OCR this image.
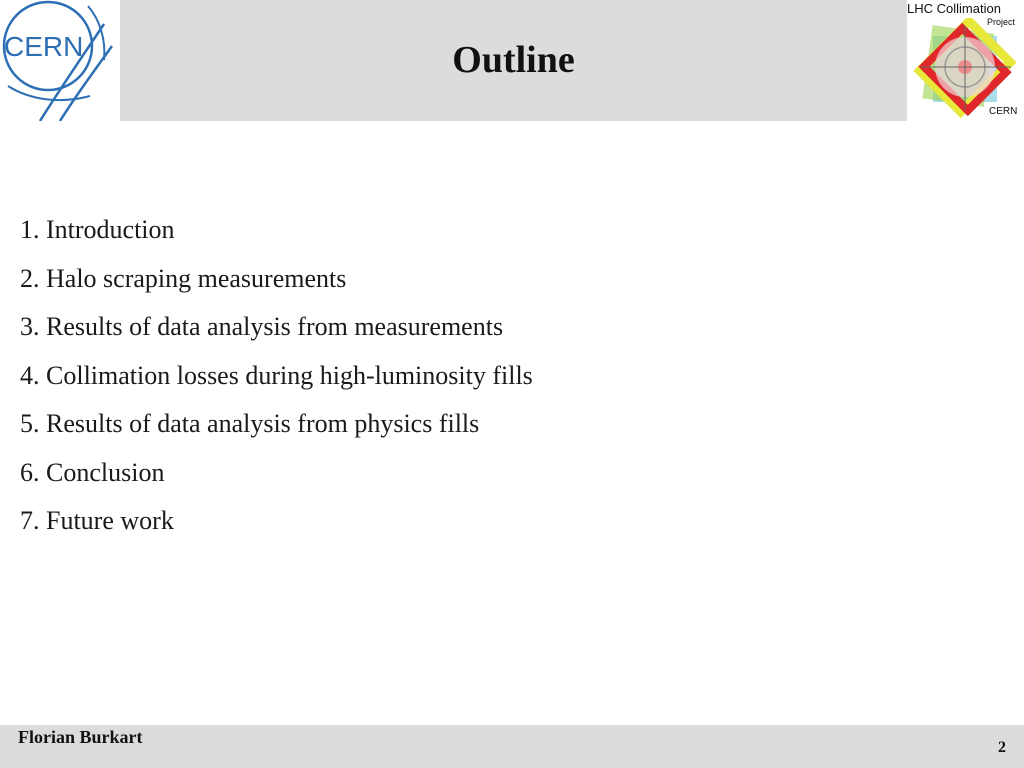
CERN	Outline
LHC Collimation
Project
CERN
1. Introduction
2. Halo scraping measurements
3. Results of data analysis from measurements
4. Collimation losses during high-luminosity fills
5. Results of data analysis from physics fills
6. Conclusion
7. Future work
Florian Burkart
2
